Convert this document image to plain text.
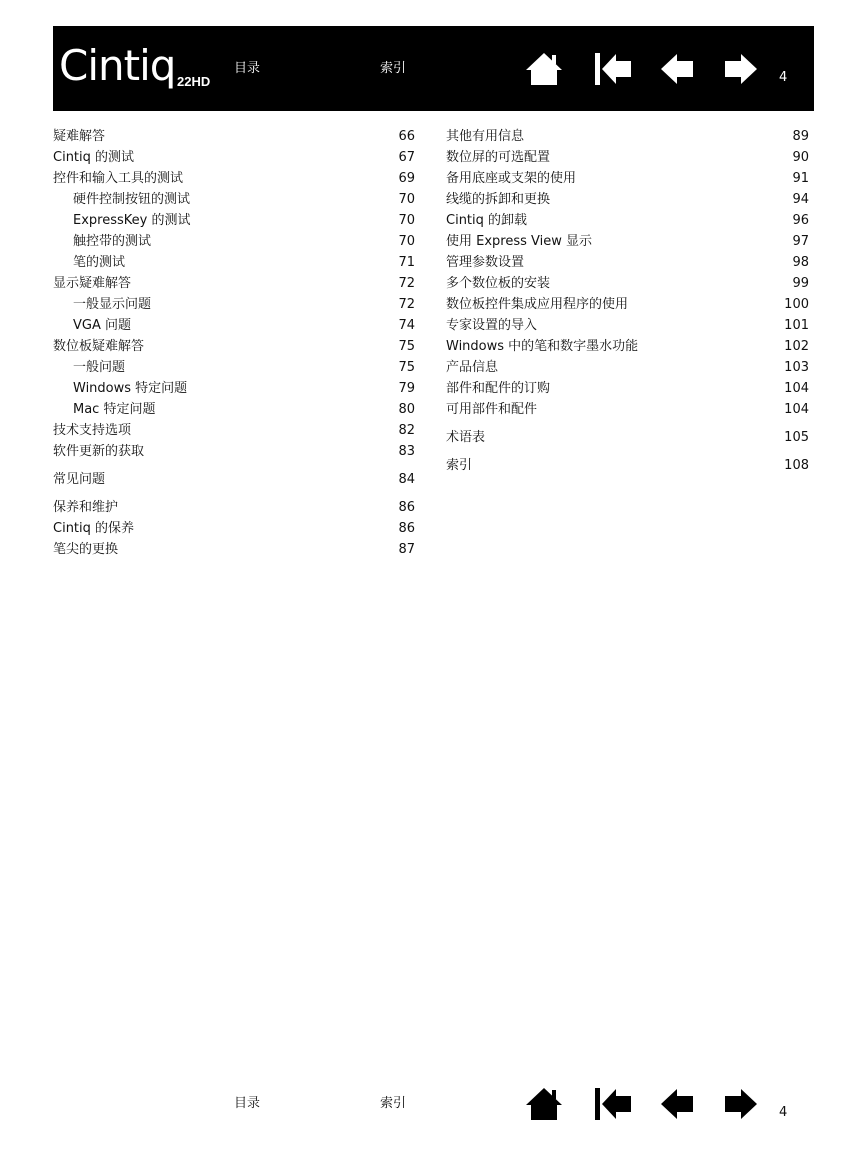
Cintiq 22HD
目录	索引
4
疑难解答	66
Cintiq 的测试	67
控件和输入工具的测试	69
硬件控制按钮的测试	70
ExpressKey 的测试	70
触控带的测试	70
笔的测试	71
显示疑难解答	72
一般显示问题	72
VGA 问题	74
数位板疑难解答	75
一般问题	75
Windows 特定问题	79
Mac 特定问题	80
技术支持选项	82
软件更新的获取	83
常见问题	84
保养和维护	86
Cintiq 的保养	86
笔尖的更换	87
其他有用信息	89
数位屏的可选配置	90
备用底座或支架的使用	91
线缆的拆卸和更换	94
Cintiq 的卸载	96
使用 Express View 显示	97
管理参数设置	98
多个数位板的安装	99
数位板控件集成应用程序的使用	100
专家设置的导入	101
Windows 中的笔和数字墨水功能	102
产品信息	103
部件和配件的订购	104
可用部件和配件	104
术语表	105
索引	108
目录	索引
4
